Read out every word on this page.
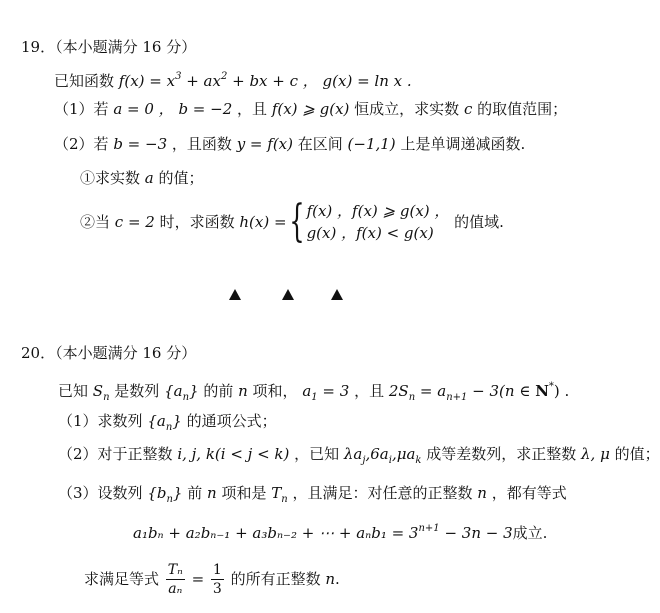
19．（本小题满分 16 分）
已知函数 $f(x) = x^3 + ax^2$ + bx + c ， g(x) = ln x .
（1）若 a = 0 ， b = −2 ，且 f(x) ⩾ g(x) 恒成立，求实数 c 的取值范围；
（2）若 b = −3 ，且函数 y = f(x) 在区间 (−1,1) 上是单调递减函数.
①求实数 a 的值；
②当 c = 2 时，求函数 h(x) ={ f(x) ，f(x) ⩾ g(x) ，
g(x) ，f(x) < g(x) 的值域.
20．（本小题满分 16 分）
已知 $S_n$ 是数列 $\{a_n\}$ 的前 n 项和， $a_1 = 3$ ，且 $2S_n = a_{n+1} - 3(n$ ∈ N*) .
（1）求数列 $\{a_n\}$ 的通项公式；
（2）对于正整数 i, j, k(i < j < k) ，已知 $\lambda a_j,6a_i,\mu a_k$ 成等差数列，求正整数 λ, μ 的值；
（3）设数列 $\{b_n\}$ 前 n 项和是 $T_n$ ，且满足：对任意的正整数 n ，都有等式
a₁bₙ + a₂bₙ₋₁ + a₃bₙ₋₂ + ⋯ + $a_nb_1 = 3^{n+1} - 3n - 3$成立.
求满足等式 $\frac{\text{Tₙ}}{\text{aₙ}} = \frac{1}{3}$ 的所有正整数 n.
